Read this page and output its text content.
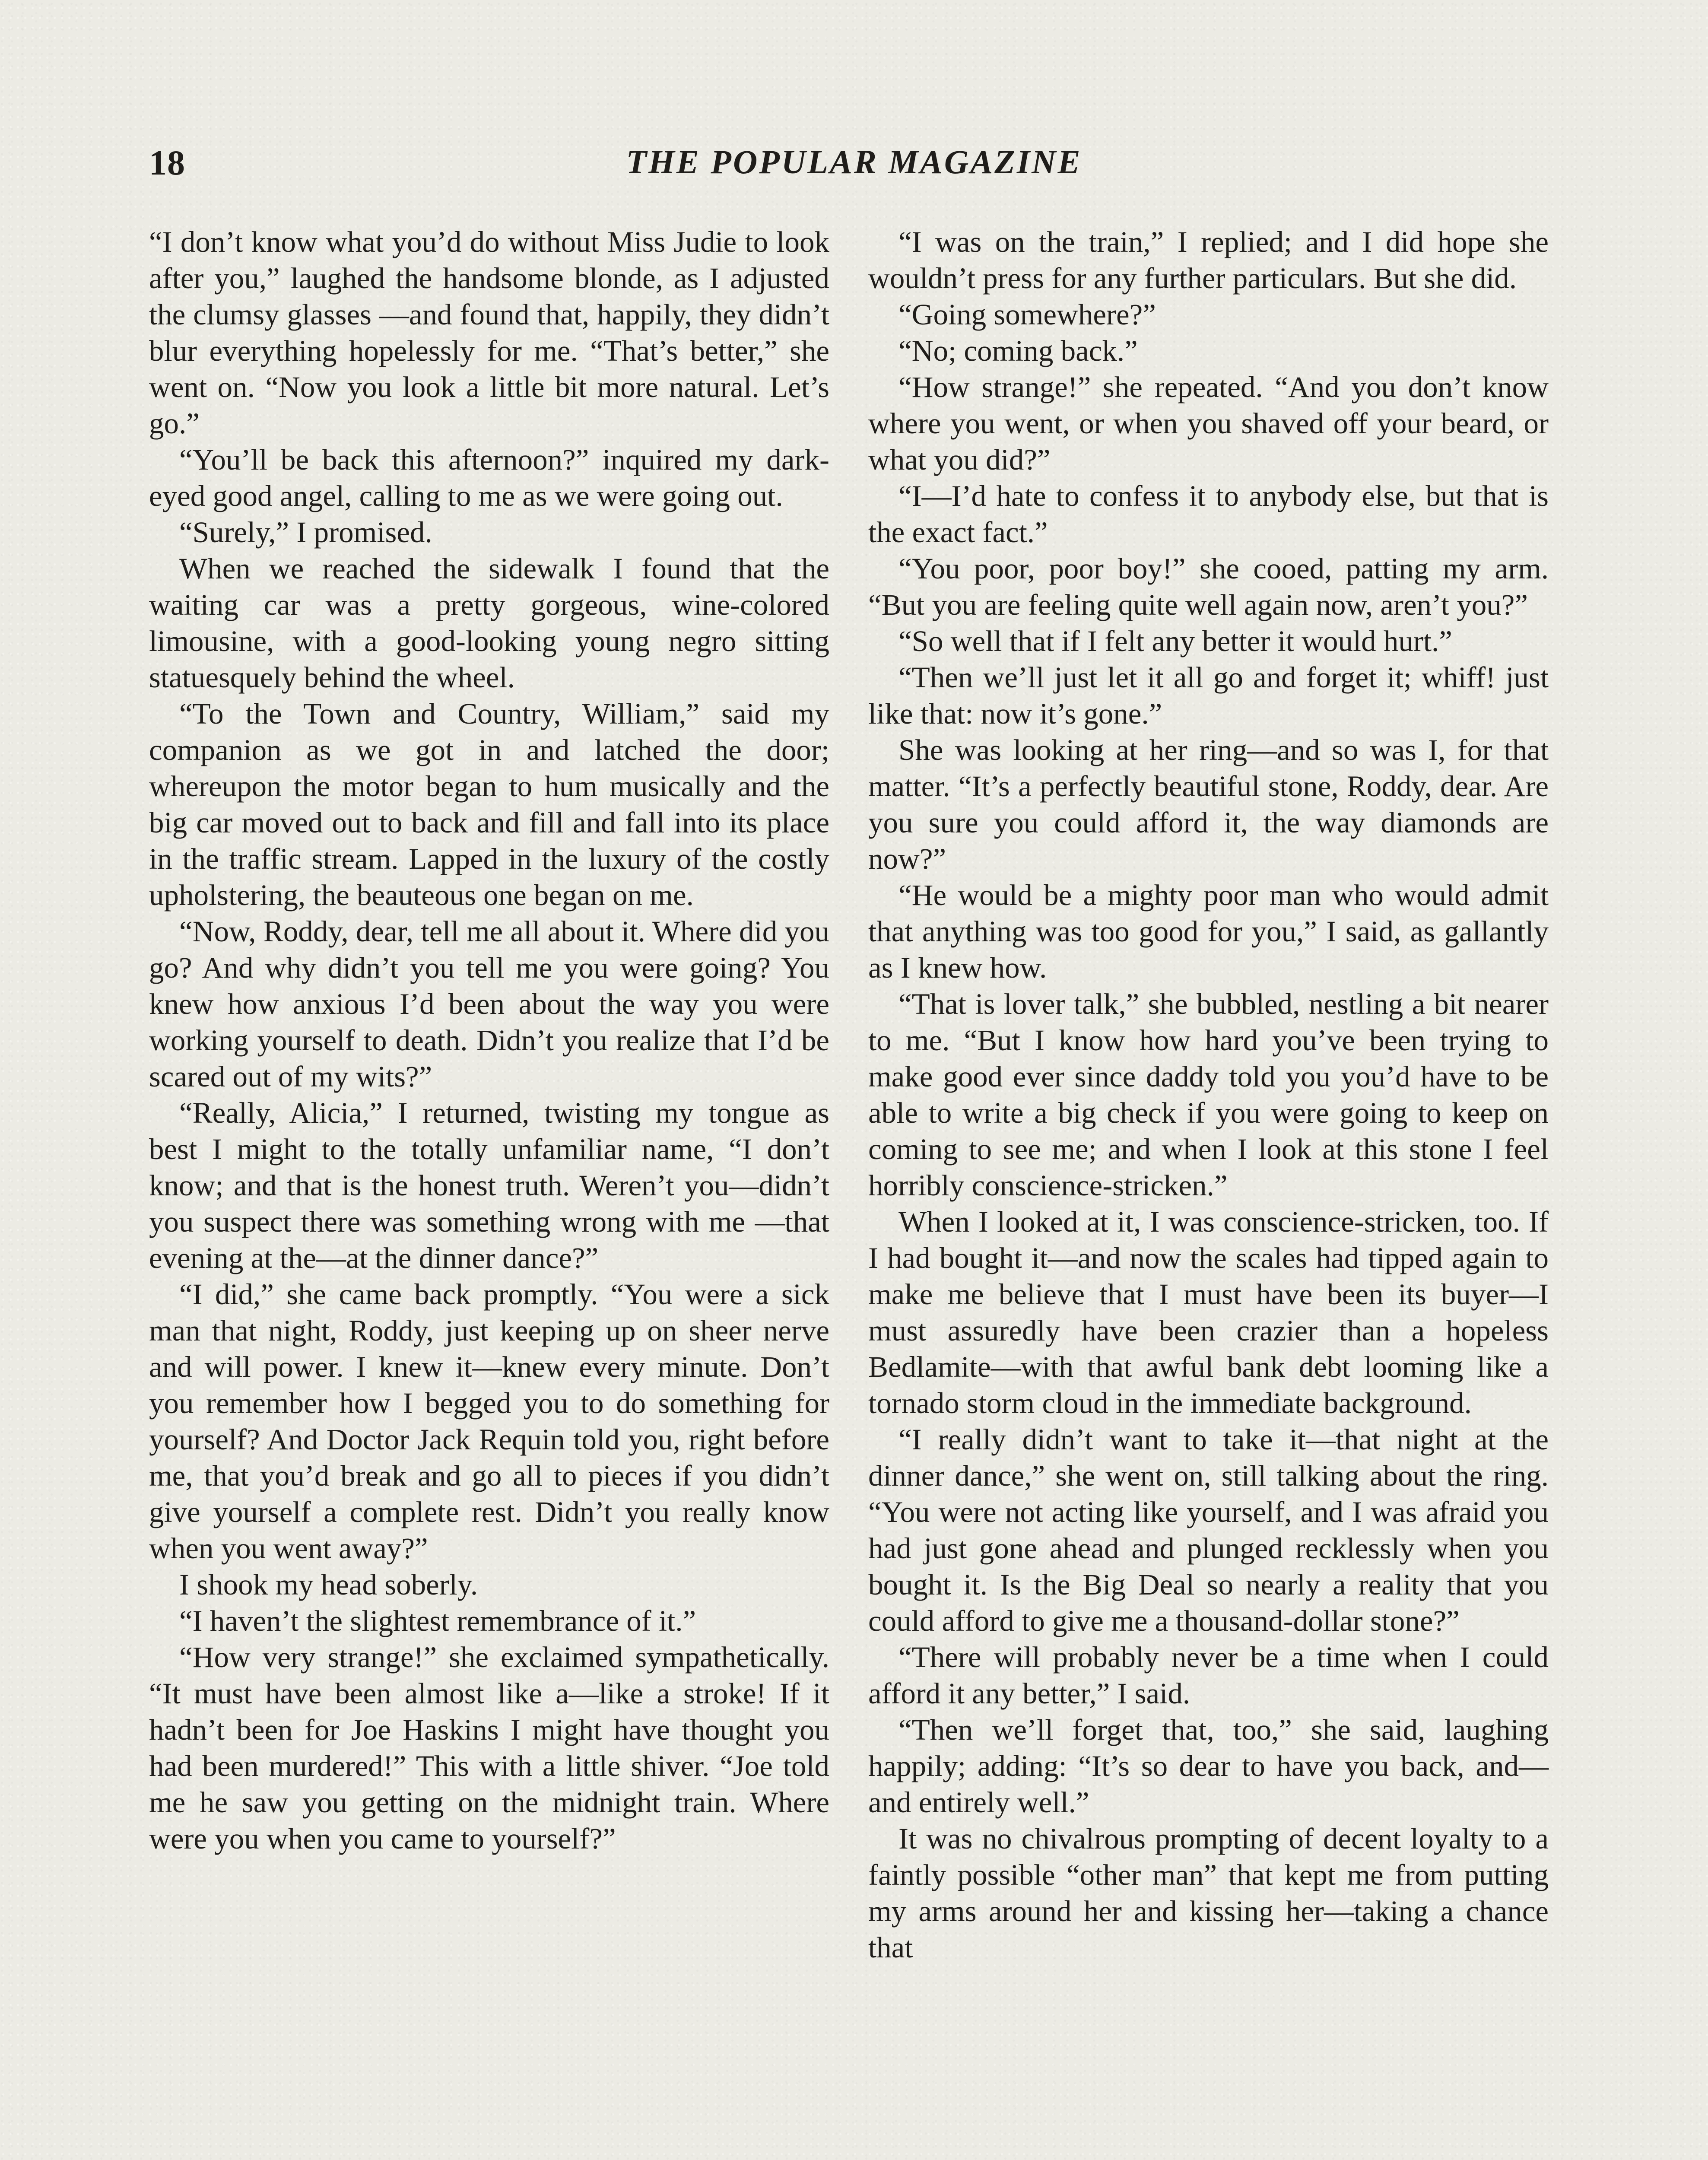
18	THE POPULAR MAGAZINE

“I don’t know what you’d do without Miss Judie to look after you,” laughed the handsome blonde, as I adjusted the clumsy glasses —and found that, happily, they didn’t blur everything hopelessly for me. “That’s better,” she went on. “Now you look a little bit more natural. Let’s go.”

“You’ll be back this afternoon?” inquired my dark-eyed good angel, calling to me as we were going out.

“Surely,” I promised.

When we reached the sidewalk I found that the waiting car was a pretty gorgeous, wine-colored limousine, with a good-looking young negro sitting statuesquely behind the wheel.

“To the Town and Country, William,” said my companion as we got in and latched the door; whereupon the motor began to hum musically and the big car moved out to back and fill and fall into its place in the traffic stream. Lapped in the luxury of the costly upholstering, the beauteous one began on me.

“Now, Roddy, dear, tell me all about it. Where did you go? And why didn’t you tell me you were going? You knew how anxious I’d been about the way you were working yourself to death. Didn’t you realize that I’d be scared out of my wits?”

“Really, Alicia,” I returned, twisting my tongue as best I might to the totally unfamiliar name, “I don’t know; and that is the honest truth. Weren’t you—didn’t you suspect there was something wrong with me —that evening at the—at the dinner dance?”

“I did,” she came back promptly. “You were a sick man that night, Roddy, just keeping up on sheer nerve and will power. I knew it—knew every minute. Don’t you remember how I begged you to do something for yourself? And Doctor Jack Requin told you, right before me, that you’d break and go all to pieces if you didn’t give yourself a complete rest. Didn’t you really know when you went away?”

I shook my head soberly.

“I haven’t the slightest remembrance of it.”

“How very strange!” she exclaimed sympathetically. “It must have been almost like a—like a stroke! If it hadn’t been for Joe Haskins I might have thought you had been murdered!” This with a little shiver. “Joe told me he saw you getting on the midnight train. Where were you when you came to yourself?”

“I was on the train,” I replied; and I did hope she wouldn’t press for any further particulars. But she did.

“Going somewhere?”

“No; coming back.”

“How strange!” she repeated. “And you don’t know where you went, or when you shaved off your beard, or what you did?”

“I—I’d hate to confess it to anybody else, but that is the exact fact.”

“You poor, poor boy!” she cooed, patting my arm. “But you are feeling quite well again now, aren’t you?”

“So well that if I felt any better it would hurt.”

“Then we’ll just let it all go and forget it; whiff! just like that: now it’s gone.”

She was looking at her ring—and so was I, for that matter. “It’s a perfectly beautiful stone, Roddy, dear. Are you sure you could afford it, the way diamonds are now?”

“He would be a mighty poor man who would admit that anything was too good for you,” I said, as gallantly as I knew how.

“That is lover talk,” she bubbled, nestling a bit nearer to me. “But I know how hard you’ve been trying to make good ever since daddy told you you’d have to be able to write a big check if you were going to keep on coming to see me; and when I look at this stone I feel horribly conscience-stricken.”

When I looked at it, I was conscience-stricken, too. If I had bought it—and now the scales had tipped again to make me believe that I must have been its buyer—I must assuredly have been crazier than a hopeless Bedlamite—with that awful bank debt looming like a tornado storm cloud in the immediate background.

“I really didn’t want to take it—that night at the dinner dance,” she went on, still talking about the ring. “You were not acting like yourself, and I was afraid you had just gone ahead and plunged recklessly when you bought it. Is the Big Deal so nearly a reality that you could afford to give me a thousand-dollar stone?”

“There will probably never be a time when I could afford it any better,” I said.

“Then we’ll forget that, too,” she said, laughing happily; adding: “It’s so dear to have you back, and—and entirely well.”

It was no chivalrous prompting of decent loyalty to a faintly possible “other man” that kept me from putting my arms around her and kissing her—taking a chance that
